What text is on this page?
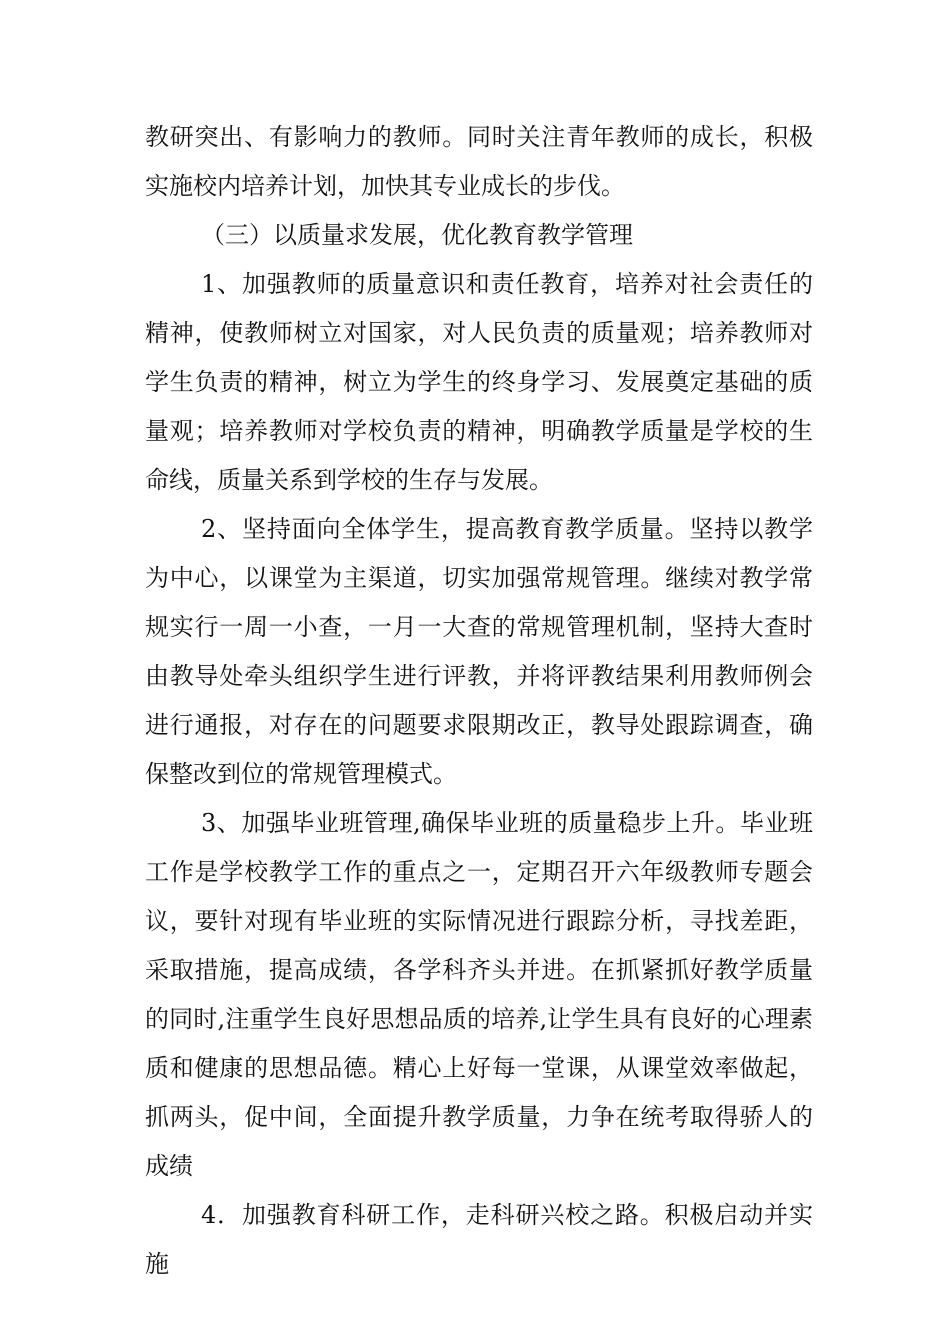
教研突出、有影响力的教师。同时关注青年教师的成长，积极实施校内培养计划，加快其专业成长的步伐。

（三）以质量求发展，优化教育教学管理

1、加强教师的质量意识和责任教育，培养对社会责任的精神，使教师树立对国家，对人民负责的质量观；培养教师对学生负责的精神，树立为学生的终身学习、发展奠定基础的质量观；培养教师对学校负责的精神，明确教学质量是学校的生命线，质量关系到学校的生存与发展。

2、坚持面向全体学生，提高教育教学质量。坚持以教学为中心，以课堂为主渠道，切实加强常规管理。继续对教学常规实行一周一小查，一月一大查的常规管理机制，坚持大查时由教导处牵头组织学生进行评教，并将评教结果利用教师例会进行通报，对存在的问题要求限期改正，教导处跟踪调查，确保整改到位的常规管理模式。

3、加强毕业班管理,确保毕业班的质量稳步上升。毕业班工作是学校教学工作的重点之一，定期召开六年级教师专题会议，要针对现有毕业班的实际情况进行跟踪分析，寻找差距，采取措施，提高成绩，各学科齐头并进。在抓紧抓好教学质量的同时,注重学生良好思想品质的培养,让学生具有良好的心理素质和健康的思想品德。精心上好每一堂课，从课堂效率做起，抓两头，促中间，全面提升教学质量，力争在统考取得骄人的成绩

4．加强教育科研工作，走科研兴校之路。积极启动并实施
